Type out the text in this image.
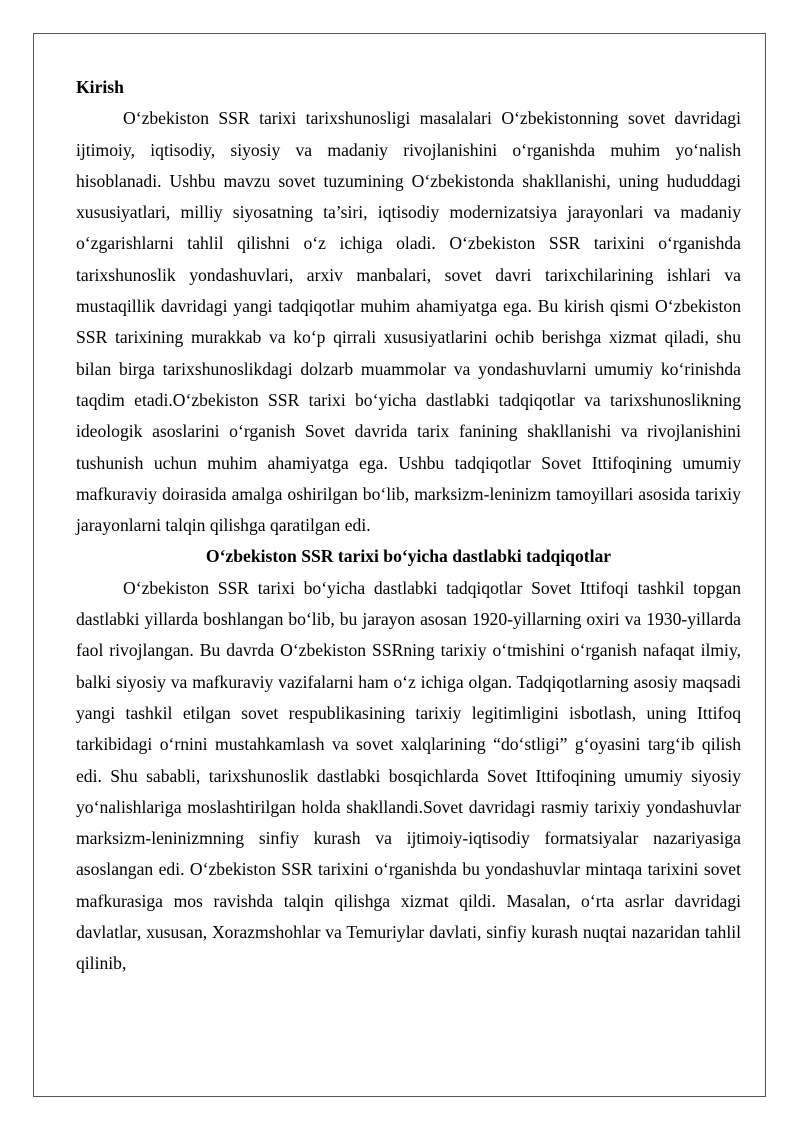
Kirish

O‘zbekiston SSR tarixi tarixshunosligi masalalari O‘zbekistonning sovet davridagi ijtimoiy, iqtisodiy, siyosiy va madaniy rivojlanishini o‘rganishda muhim yo‘nalish hisoblanadi. Ushbu mavzu sovet tuzumining O‘zbekistonda shakllanishi, uning hududdagi xususiyatlari, milliy siyosatning ta’siri, iqtisodiy modernizatsiya jarayonlari va madaniy o‘zgarishlarni tahlil qilishni o‘z ichiga oladi. O‘zbekiston SSR tarixini o‘rganishda tarixshunoslik yondashuvlari, arxiv manbalari, sovet davri tarixchilarining ishlari va mustaqillik davridagi yangi tadqiqotlar muhim ahamiyatga ega. Bu kirish qismi O‘zbekiston SSR tarixining murakkab va ko‘p qirrali xususiyatlarini ochib berishga xizmat qiladi, shu bilan birga tarixshunoslikdagi dolzarb muammolar va yondashuvlarni umumiy ko‘rinishda taqdim etadi.O‘zbekiston SSR tarixi bo‘yicha dastlabki tadqiqotlar va tarixshunoslikning ideologik asoslarini o‘rganish Sovet davrida tarix fanining shakllanishi va rivojlanishini tushunish uchun muhim ahamiyatga ega. Ushbu tadqiqotlar Sovet Ittifoqining umumiy mafkuraviy doirasida amalga oshirilgan bo‘lib, marksizm-leninizm tamoyillari asosida tarixiy jarayonlarni talqin qilishga qaratilgan edi.

O‘zbekiston SSR tarixi bo‘yicha dastlabki tadqiqotlar

O‘zbekiston SSR tarixi bo‘yicha dastlabki tadqiqotlar Sovet Ittifoqi tashkil topgan dastlabki yillarda boshlangan bo‘lib, bu jarayon asosan 1920-yillarning oxiri va 1930-yillarda faol rivojlangan. Bu davrda O‘zbekiston SSRning tarixiy o‘tmishini o‘rganish nafaqat ilmiy, balki siyosiy va mafkuraviy vazifalarni ham o‘z ichiga olgan. Tadqiqotlarning asosiy maqsadi yangi tashkil etilgan sovet respublikasining tarixiy legitimligini isbotlash, uning Ittifoq tarkibidagi o‘rnini mustahkamlash va sovet xalqlarining “do‘stligi” g‘oyasini targ‘ib qilish edi. Shu sababli, tarixshunoslik dastlabki bosqichlarda Sovet Ittifoqining umumiy siyosiy yo‘nalishlariga moslashtirilgan holda shakllandi.Sovet davridagi rasmiy tarixiy yondashuvlar marksizm-leninizmning sinfiy kurash va ijtimoiy-iqtisodiy formatsiyalar nazariyasiga asoslangan edi. O‘zbekiston SSR tarixini o‘rganishda bu yondashuvlar mintaqa tarixini sovet mafkurasiga mos ravishda talqin qilishga xizmat qildi. Masalan, o‘rta asrlar davridagi davlatlar, xususan, Xorazmshohlar va Temuriylar davlati, sinfiy kurash nuqtai nazaridan tahlil qilinib,
